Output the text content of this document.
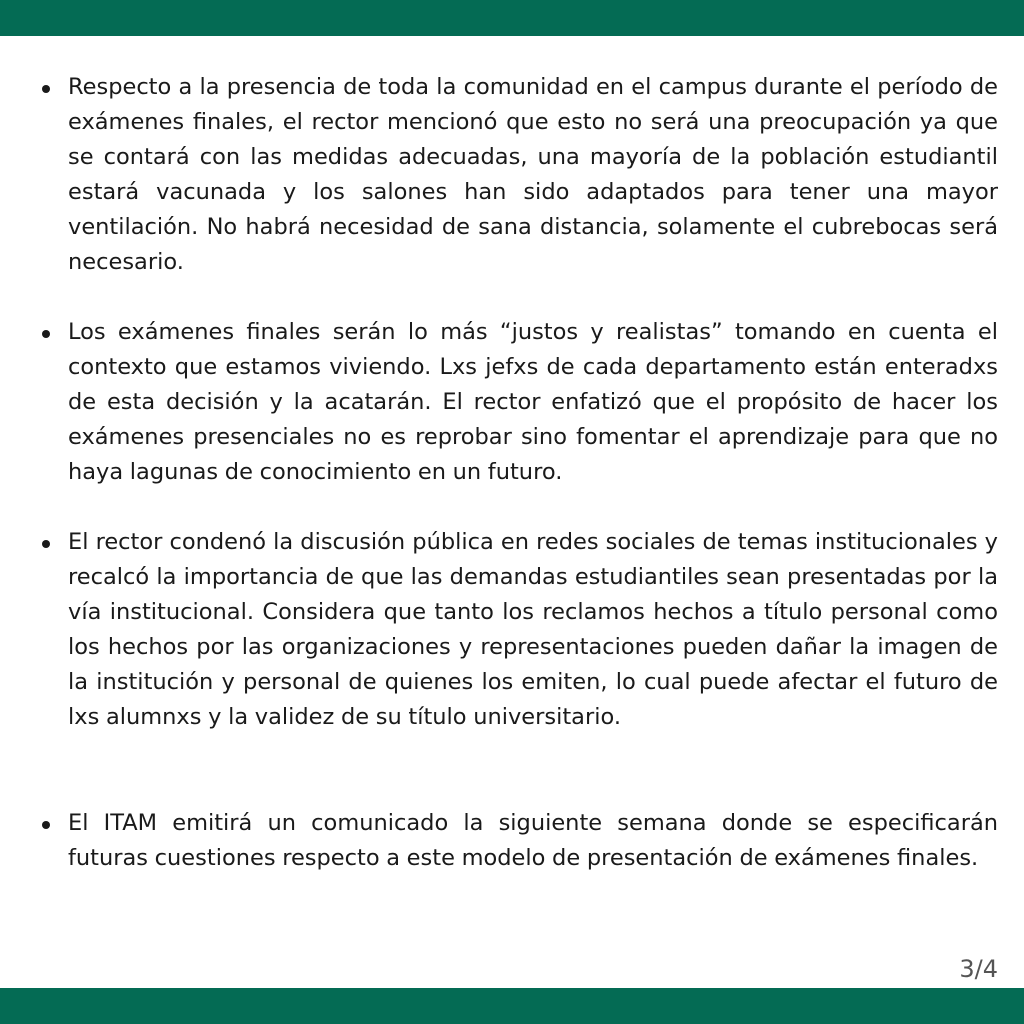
Respecto a la presencia de toda la comunidad en el campus durante el período de exámenes finales, el rector mencionó que esto no será una preocupación ya que se contará con las medidas adecuadas, una mayoría de la población estudiantil estará vacunada y los salones han sido adaptados para tener una mayor ventilación. No habrá necesidad de sana distancia, solamente el cubrebocas será necesario.
Los exámenes finales serán lo más “justos y realistas” tomando en cuenta el contexto que estamos viviendo. Lxs jefxs de cada departamento están enteradxs de esta decisión y la acatarán. El rector enfatizó que el propósito de hacer los exámenes presenciales no es reprobar sino fomentar el aprendizaje para que no haya lagunas de conocimiento en un futuro.
El rector condenó la discusión pública en redes sociales de temas institucionales y recalcó la importancia de que las demandas estudiantiles sean presentadas por la vía institucional. Considera que tanto los reclamos hechos a título personal como los hechos por las organizaciones y representaciones pueden dañar la imagen de la institución y personal de quienes los emiten, lo cual puede afectar el futuro de lxs alumnxs y la validez de su título universitario.
El ITAM emitirá un comunicado la siguiente semana donde se especificarán futuras cuestiones respecto a este modelo de presentación de exámenes finales.
3/4
